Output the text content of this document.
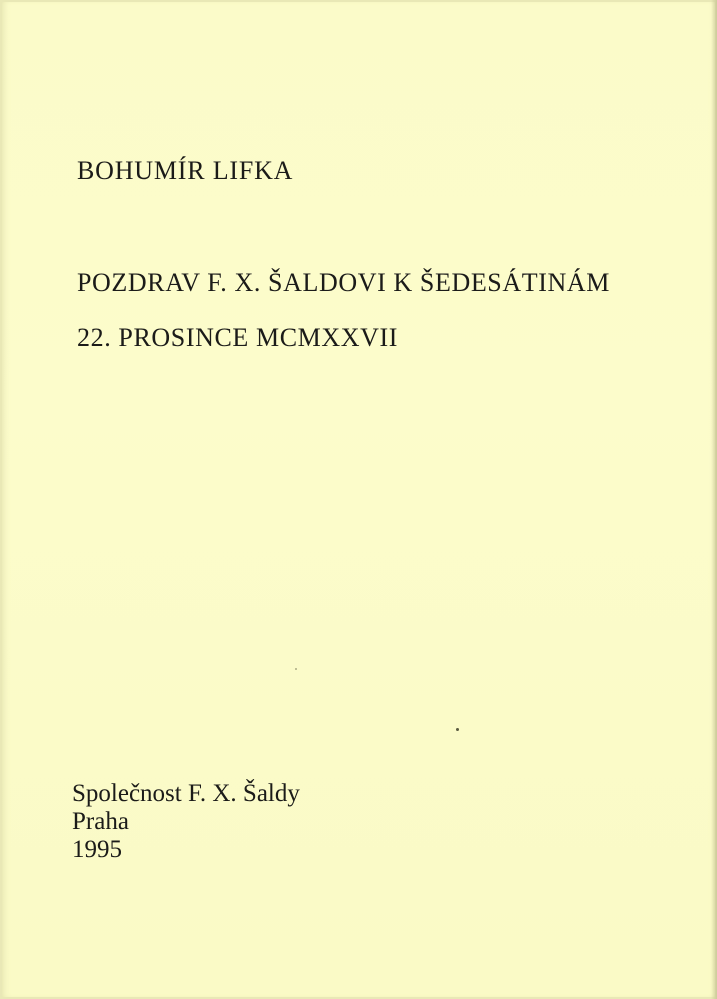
BOHUMÍR LIFKA
POZDRAV F. X. ŠALDOVI K ŠEDESÁTINÁM
22. PROSINCE MCMXXVII
Společnost F. X. Šaldy
Praha
1995
